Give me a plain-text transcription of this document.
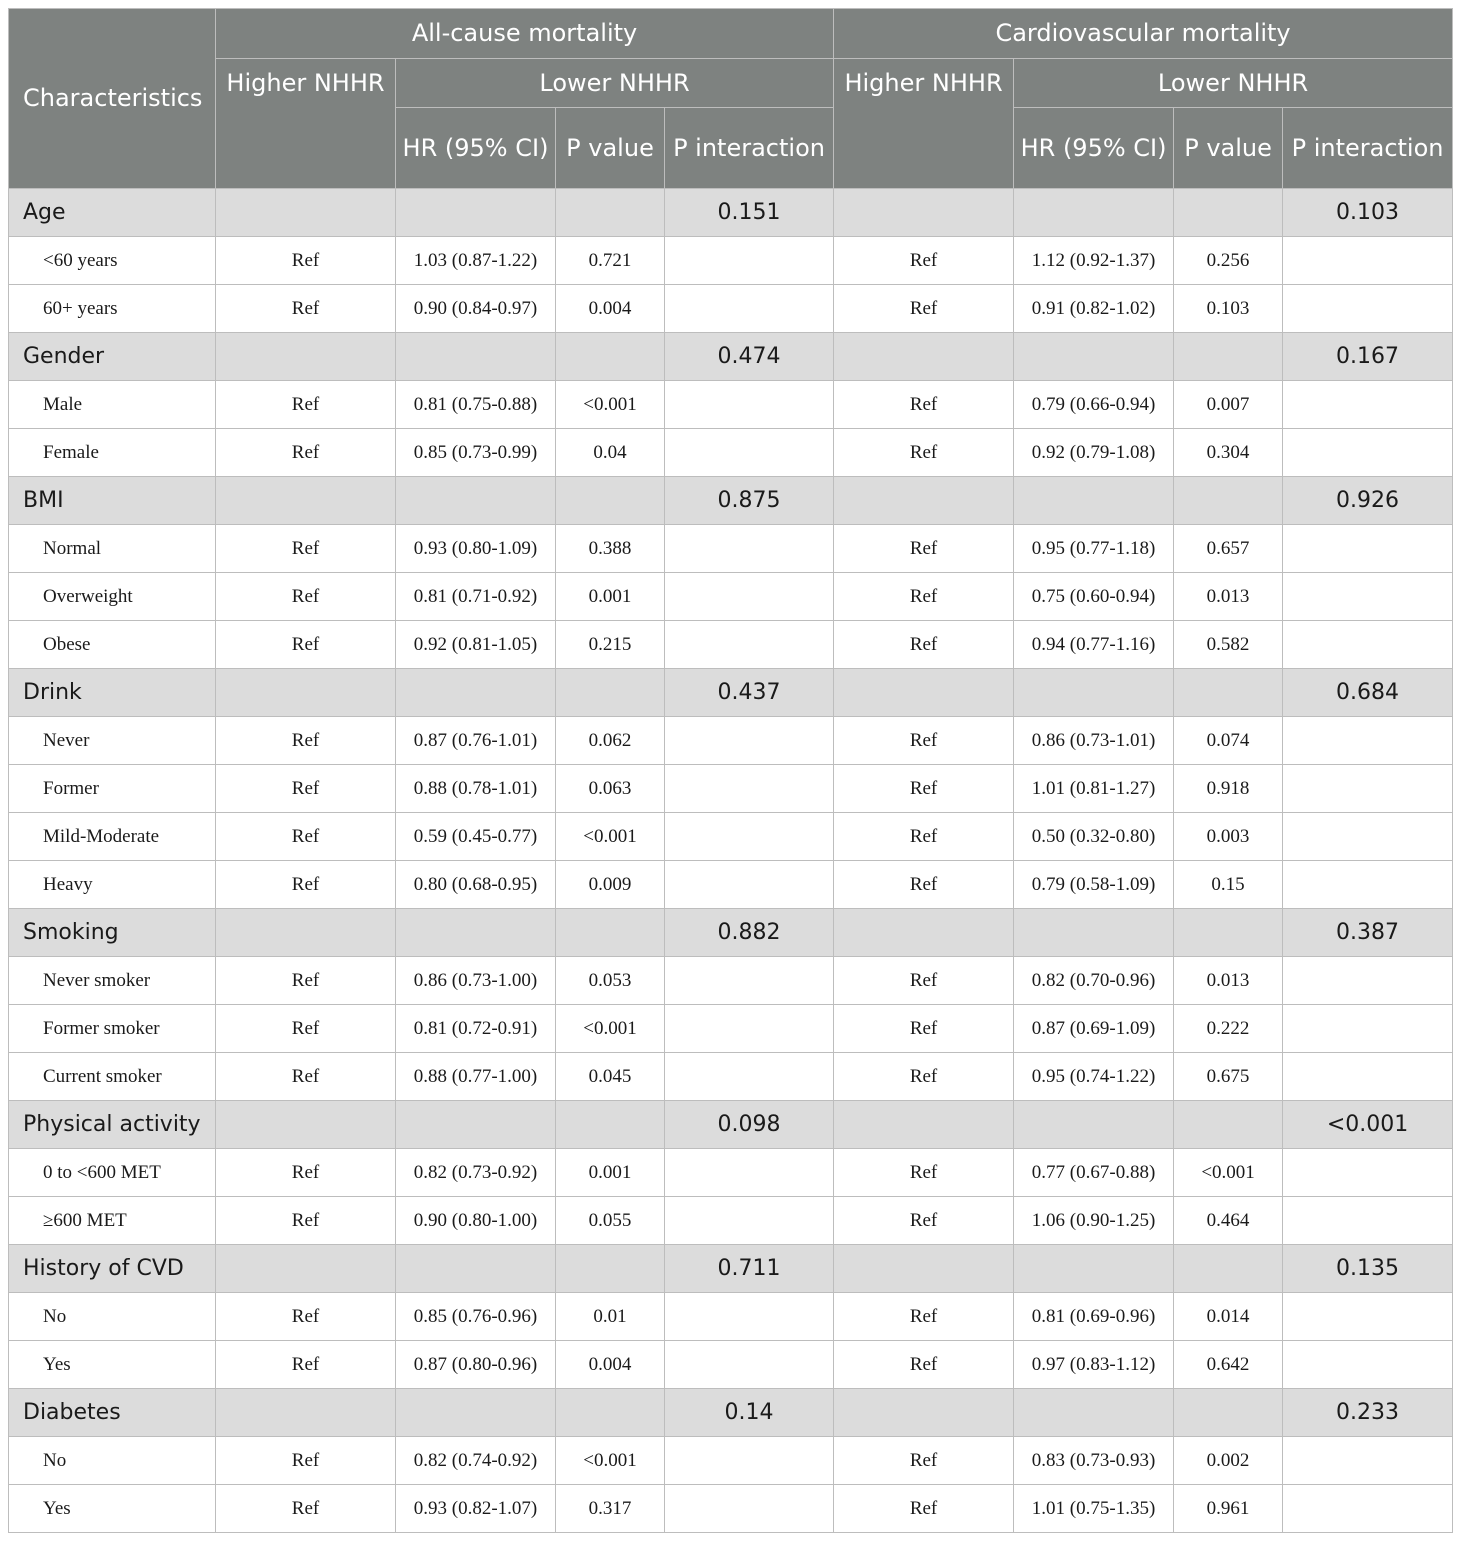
Characteristics	All-cause mortality				Cardiovascular mortality			
	Higher NHHR	Lower NHHR			Higher NHHR	Lower NHHR		
		HR (95% CI)	P value	P interaction		HR (95% CI)	P value	P interaction
Age				0.151				0.103
<60 years	Ref	1.03 (0.87-1.22)	0.721		Ref	1.12 (0.92-1.37)	0.256	
60+ years	Ref	0.90 (0.84-0.97)	0.004		Ref	0.91 (0.82-1.02)	0.103	
Gender				0.474				0.167
Male	Ref	0.81 (0.75-0.88)	<0.001		Ref	0.79 (0.66-0.94)	0.007	
Female	Ref	0.85 (0.73-0.99)	0.04		Ref	0.92 (0.79-1.08)	0.304	
BMI				0.875				0.926
Normal	Ref	0.93 (0.80-1.09)	0.388		Ref	0.95 (0.77-1.18)	0.657	
Overweight	Ref	0.81 (0.71-0.92)	0.001		Ref	0.75 (0.60-0.94)	0.013	
Obese	Ref	0.92 (0.81-1.05)	0.215		Ref	0.94 (0.77-1.16)	0.582	
Drink				0.437				0.684
Never	Ref	0.87 (0.76-1.01)	0.062		Ref	0.86 (0.73-1.01)	0.074	
Former	Ref	0.88 (0.78-1.01)	0.063		Ref	1.01 (0.81-1.27)	0.918	
Mild-Moderate	Ref	0.59 (0.45-0.77)	<0.001		Ref	0.50 (0.32-0.80)	0.003	
Heavy	Ref	0.80 (0.68-0.95)	0.009		Ref	0.79 (0.58-1.09)	0.15	
Smoking				0.882				0.387
Never smoker	Ref	0.86 (0.73-1.00)	0.053		Ref	0.82 (0.70-0.96)	0.013	
Former smoker	Ref	0.81 (0.72-0.91)	<0.001		Ref	0.87 (0.69-1.09)	0.222	
Current smoker	Ref	0.88 (0.77-1.00)	0.045		Ref	0.95 (0.74-1.22)	0.675	
Physical activity				0.098				<0.001
0 to <600 MET	Ref	0.82 (0.73-0.92)	0.001		Ref	0.77 (0.67-0.88)	<0.001	
≥600 MET	Ref	0.90 (0.80-1.00)	0.055		Ref	1.06 (0.90-1.25)	0.464	
History of CVD				0.711				0.135
No	Ref	0.85 (0.76-0.96)	0.01		Ref	0.81 (0.69-0.96)	0.014	
Yes	Ref	0.87 (0.80-0.96)	0.004		Ref	0.97 (0.83-1.12)	0.642	
Diabetes				0.14				0.233
No	Ref	0.82 (0.74-0.92)	<0.001		Ref	0.83 (0.73-0.93)	0.002	
Yes	Ref	0.93 (0.82-1.07)	0.317		Ref	1.01 (0.75-1.35)	0.961	
